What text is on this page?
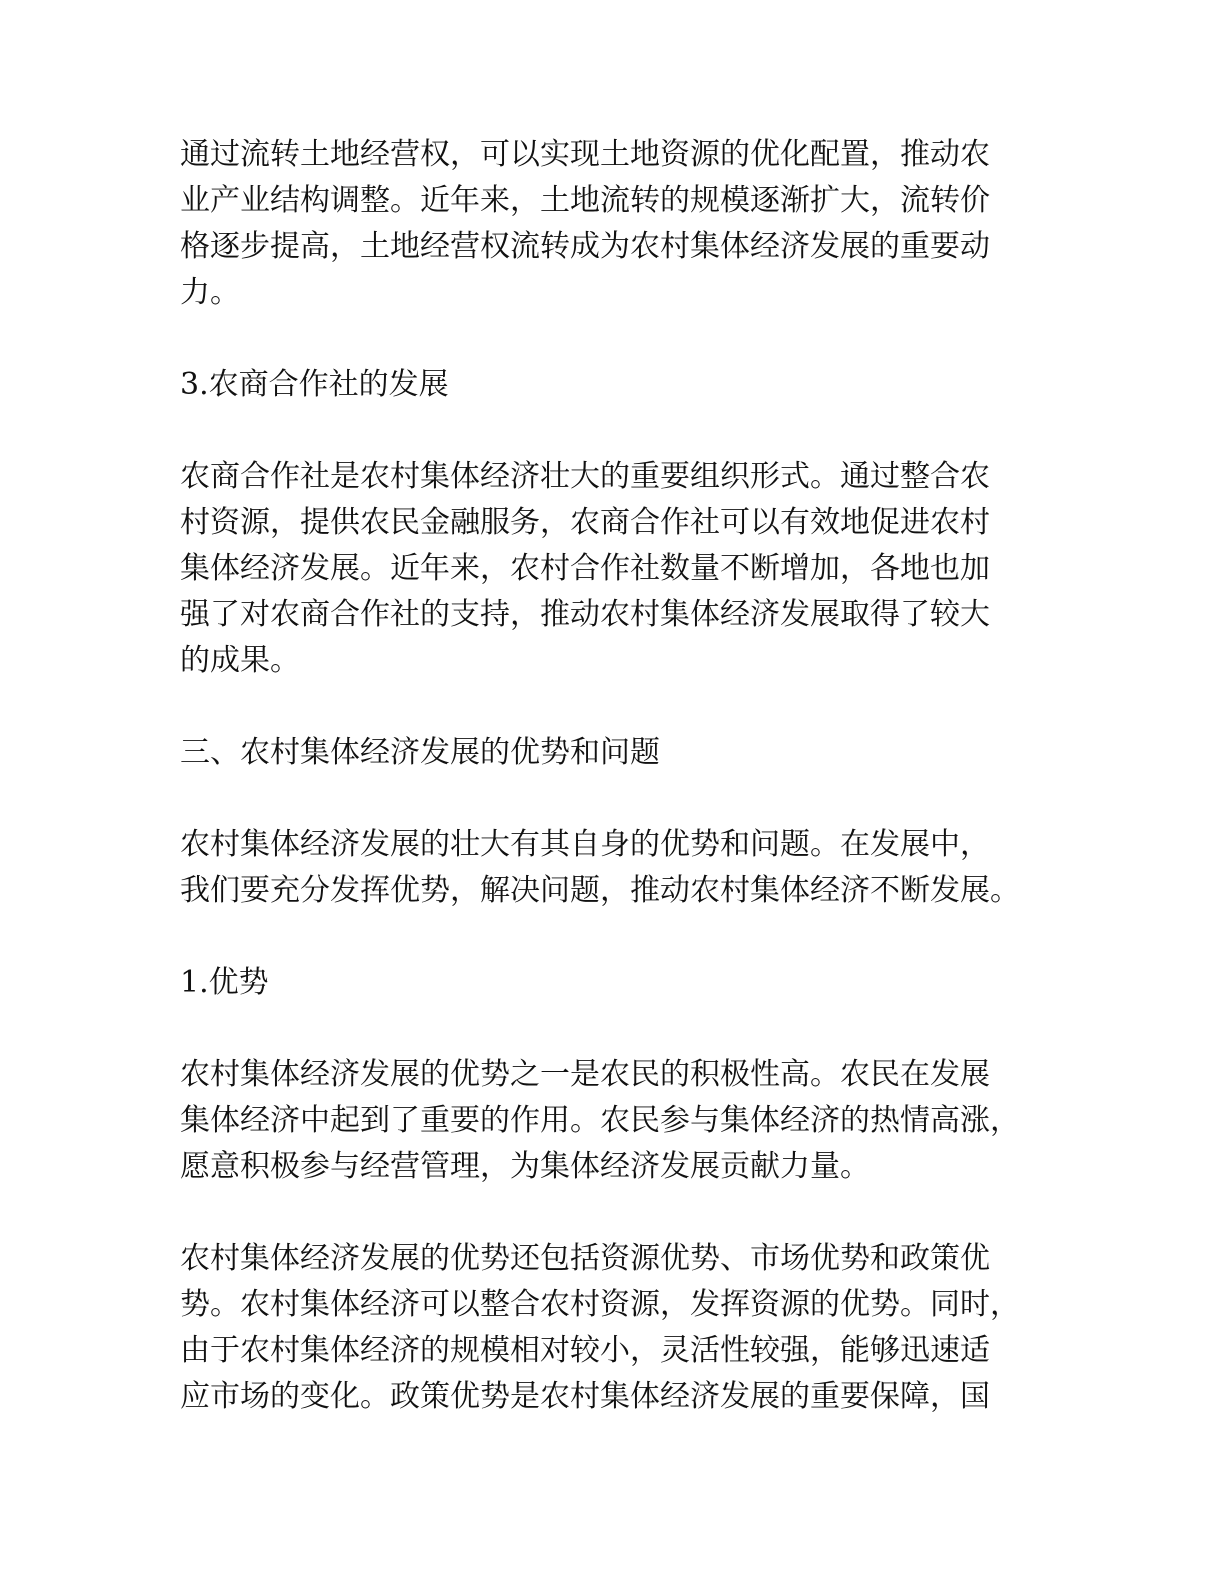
通过流转土地经营权，可以实现土地资源的优化配置，推动农
业产业结构调整。近年来，土地流转的规模逐渐扩大，流转价
格逐步提高，土地经营权流转成为农村集体经济发展的重要动
力。

3.农商合作社的发展

农商合作社是农村集体经济壮大的重要组织形式。通过整合农
村资源，提供农民金融服务，农商合作社可以有效地促进农村
集体经济发展。近年来，农村合作社数量不断增加，各地也加
强了对农商合作社的支持，推动农村集体经济发展取得了较大
的成果。

三、农村集体经济发展的优势和问题

农村集体经济发展的壮大有其自身的优势和问题。在发展中，
我们要充分发挥优势，解决问题，推动农村集体经济不断发展。

1.优势

农村集体经济发展的优势之一是农民的积极性高。农民在发展
集体经济中起到了重要的作用。农民参与集体经济的热情高涨，
愿意积极参与经营管理，为集体经济发展贡献力量。

农村集体经济发展的优势还包括资源优势、市场优势和政策优
势。农村集体经济可以整合农村资源，发挥资源的优势。同时，
由于农村集体经济的规模相对较小，灵活性较强，能够迅速适
应市场的变化。政策优势是农村集体经济发展的重要保障，国
